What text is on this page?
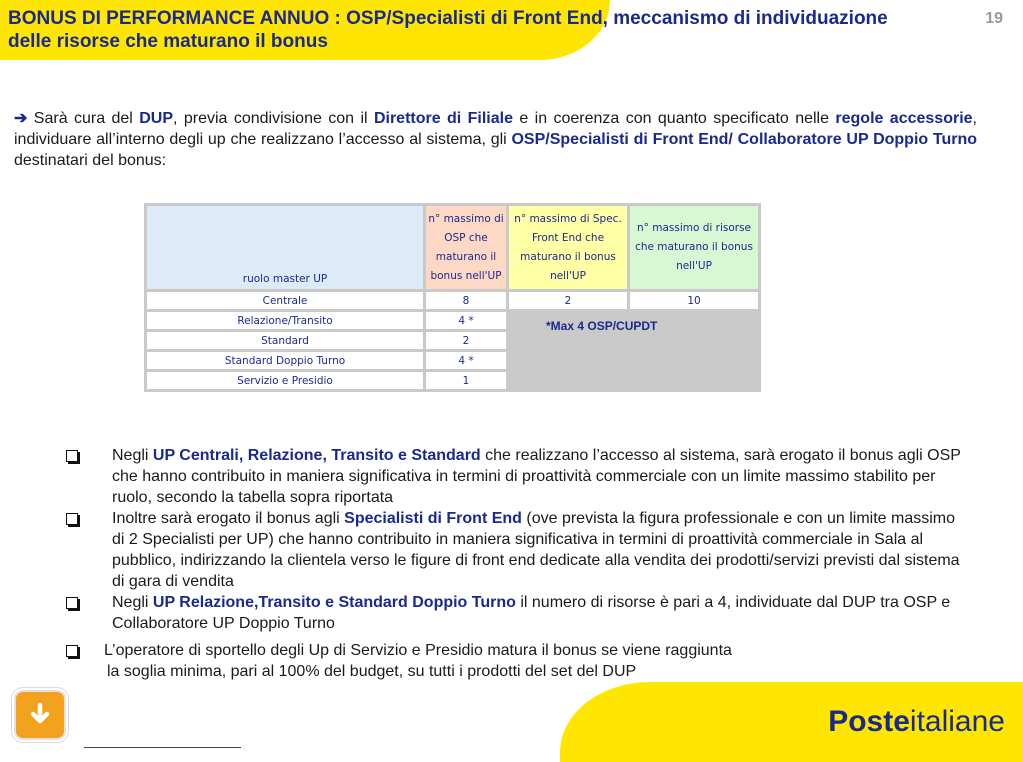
BONUS DI PERFORMANCE ANNUO : OSP/Specialisti di Front End, meccanismo di individuazione delle risorse che maturano il bonus
19
➔ Sarà cura del DUP, previa condivisione con il Direttore di Filiale e in coerenza con quanto specificato nelle regole accessorie, individuare all’interno degli up che realizzano l’accesso al sistema, gli OSP/Specialisti di Front End/ Collaboratore UP Doppio Turno destinatari del bonus:
ruolo master UP	n° massimo di OSP che maturano il bonus nell'UP	n° massimo di Spec. Front End che maturano il bonus nell'UP	n° massimo di risorse che maturano il bonus nell'UP
Centrale	8	2	10
Relazione/Transito	4 *		
Standard	2		
Standard Doppio Turno	4 *		
Servizio e Presidio	1		
*Max 4 OSP/CUPDT
Negli UP Centrali, Relazione, Transito e Standard che realizzano l’accesso al sistema, sarà erogato il bonus agli OSP che hanno contribuito in maniera significativa in termini di proattività commerciale con un limite massimo stabilito per ruolo, secondo la tabella sopra riportata
Inoltre sarà erogato il bonus agli Specialisti di Front End (ove prevista la figura professionale e con un limite massimo di 2 Specialisti per UP) che hanno contribuito in maniera significativa in termini di proattività commerciale in Sala al pubblico, indirizzando la clientela verso le figure di front end dedicate alla vendita dei prodotti/servizi previsti dal sistema di gara di vendita
Negli UP Relazione,Transito e Standard Doppio Turno il numero di risorse è pari a 4, individuate dal DUP tra OSP e Collaboratore UP Doppio Turno
L’operatore di sportello degli Up di Servizio e Presidio matura il bonus se viene raggiunta
la soglia minima, pari al 100% del budget, su tutti i prodotti del set del DUP
Posteitaliane
